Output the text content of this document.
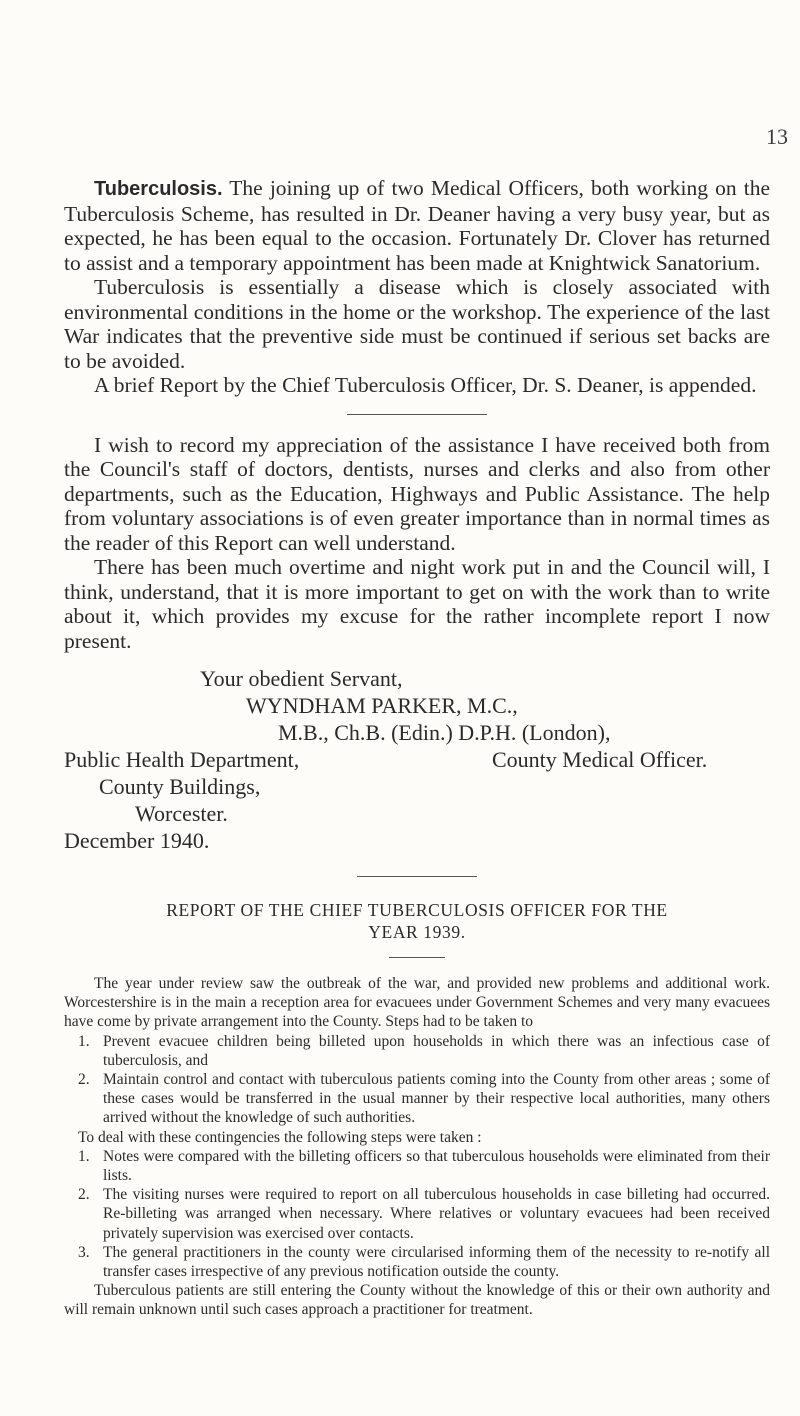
13

Tuberculosis. The joining up of two Medical Officers, both working on the Tuberculosis Scheme, has resulted in Dr. Deaner having a very busy year, but as expected, he has been equal to the occasion. Fortunately Dr. Clover has returned to assist and a temporary appointment has been made at Knightwick Sanatorium.

Tuberculosis is essentially a disease which is closely associated with environmental conditions in the home or the workshop. The experience of the last War indicates that the preventive side must be continued if serious set backs are to be avoided.

A brief Report by the Chief Tuberculosis Officer, Dr. S. Deaner, is appended.

I wish to record my appreciation of the assistance I have received both from the Council's staff of doctors, dentists, nurses and clerks and also from other departments, such as the Education, Highways and Public Assistance. The help from voluntary associations is of even greater importance than in normal times as the reader of this Report can well understand.

There has been much overtime and night work put in and the Council will, I think, understand, that it is more important to get on with the work than to write about it, which provides my excuse for the rather incomplete report I now present.

Your obedient Servant,

WYNDHAM PARKER, M.C.,

M.B., Ch.B. (Edin.) D.P.H. (London),

County Medical Officer.

Public Health Department,

County Buildings,

Worcester.

December 1940.

REPORT OF THE CHIEF TUBERCULOSIS OFFICER FOR THE

YEAR 1939.

The year under review saw the outbreak of the war, and provided new problems and additional work. Worcestershire is in the main a reception area for evacuees under Government Schemes and very many evacuees have come by private arrangement into the County. Steps had to be taken to

1. Prevent evacuee children being billeted upon households in which there was an infectious case of tuberculosis, and
2. Maintain control and contact with tuberculous patients coming into the County from other areas ; some of these cases would be transferred in the usual manner by their respective local authorities, many others arrived without the knowledge of such authorities.

To deal with these contingencies the following steps were taken :

1. Notes were compared with the billeting officers so that tuberculous households were eliminated from their lists.
2. The visiting nurses were required to report on all tuberculous households in case billeting had occurred. Re-billeting was arranged when necessary. Where relatives or voluntary evacuees had been received privately supervision was exercised over contacts.
3. The general practitioners in the county were circularised informing them of the necessity to re-notify all transfer cases irrespective of any previous notification outside the county.

Tuberculous patients are still entering the County without the knowledge of this or their own authority and will remain unknown until such cases approach a practitioner for treatment.
